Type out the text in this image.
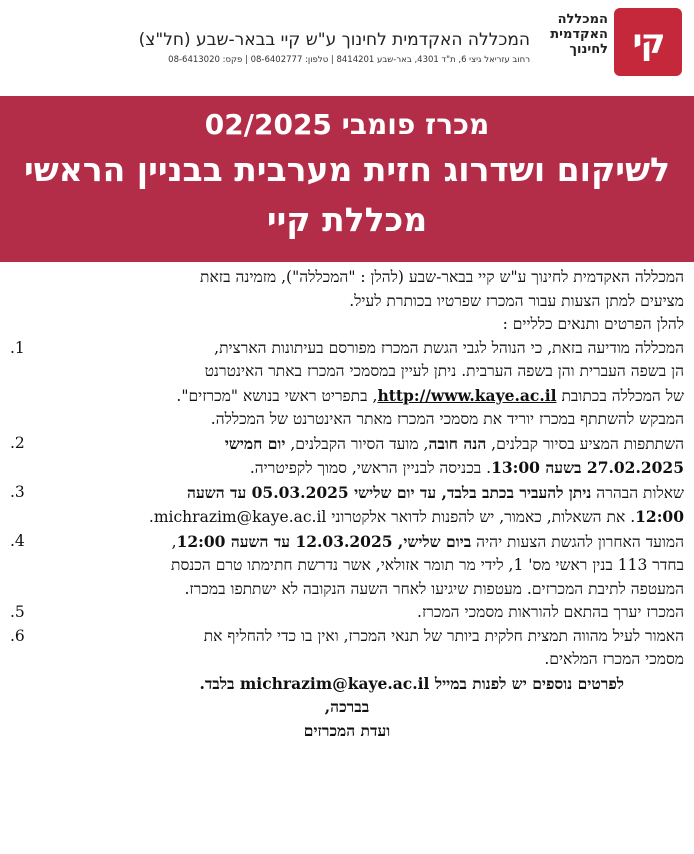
קי
המכללה
האקדמית
לחינוך
המכללה האקדמית לחינוך ע"ש קיי בבאר-שבע (חל"צ)
רחוב עזריאל גיצי 6, ת"ד 4301, באר-שבע 8414201 | טלפון: 08-6402777 | פקס: 08-6413020
מכרז פומבי 02/2025
לשיקום ושדרוג חזית מערבית בבניין הראשי
מכללת קיי

המכללה האקדמית לחינוך ע"ש קיי בבאר-שבע (להלן : "המכללה"), מזמינה בזאת
מציעים למתן הצעות עבור המכרז שפרטיו בכותרת לעיל.
להלן הפרטים ותנאים כלליים :

.1	המכללה מודיעה בזאת, כי הנוהל לגבי הגשת המכרז מפורסם בעיתונות הארצית,
הן בשפה העברית והן בשפה הערבית. ניתן לעיין במסמכי המכרז באתר האינטרנט
של המכללה בכתובת http://www.kaye.ac.il, בתפריט ראשי בנושא "מכרזים".
המבקש להשתתף במכרז יוריד את מסמכי המכרז מאתר האינטרנט של המכללה.

.2	השתתפות המציע בסיור קבלנים, הנה חובה, מועד הסיור הקבלנים, יום חמישי
27.02.2025 בשעה 13:00. בכניסה לבניין הראשי, סמוך לקפיטריה.

.3	שאלות הבהרה ניתן להעביר בכתב בלבד, עד יום שלישי 05.03.2025 עד השעה
12:00. את השאלות, כאמור, יש להפנות לדואר אלקטרוני michrazim@kaye.ac.il.

.4	המועד האחרון להגשת הצעות יהיה ביום שלישי, 12.03.2025 עד השעה 12:00,
בחדר 113 בנין ראשי מס' 1, לידי מר תומר אזולאי, אשר נדרשת חתימתו טרם הכנסת
המעטפה לתיבת המכרזים. מעטפות שיגיעו לאחר השעה הנקובה לא ישתתפו במכרז.

.5	המכרז יערך בהתאם להוראות מסמכי המכרז.

.6	האמור לעיל מהווה תמצית חלקית ביותר של תנאי המכרז, ואין בו כדי להחליף את
מסמכי המכרז המלאים.

לפרטים נוספים יש לפנות במייל michrazim@kaye.ac.il בלבד.

בברכה,

ועדת המכרזים
